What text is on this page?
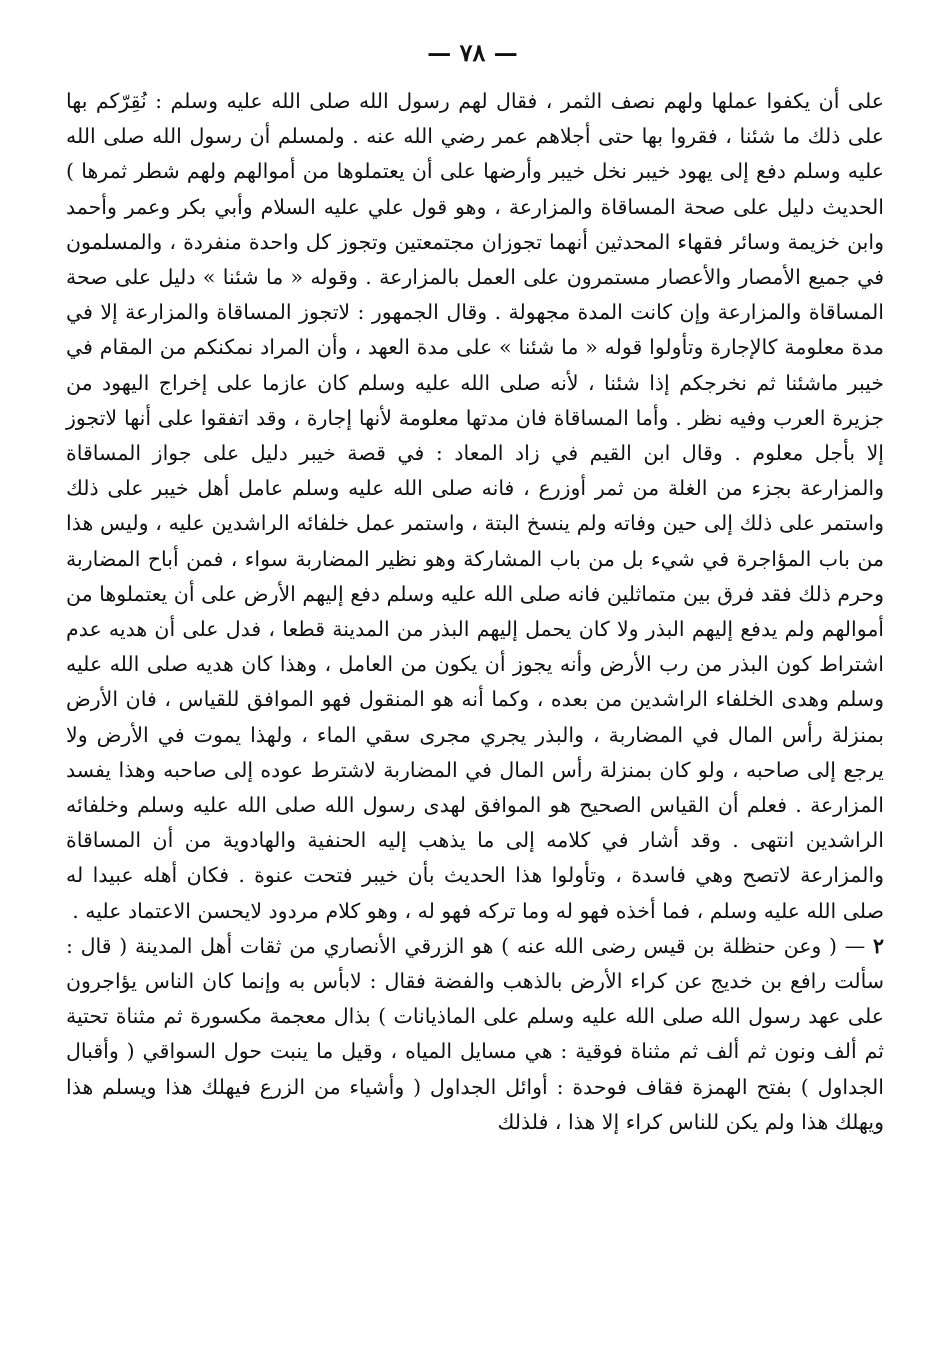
— ٧٨ —

على أن يكفوا عملها ولهم نصف الثمر ، فقال لهم رسول الله صلى الله عليه وسلم : نُقِرّكم بها على ذلك ما شئنا ، فقروا بها حتى أجلاهم عمر رضي الله عنه . ولمسلم أن رسول الله صلى الله عليه وسلم دفع إلى يهود خيبر نخل خيبر وأرضها على أن يعتملوها من أموالهم ولهم شطر ثمرها ) الحديث دليل على صحة المساقاة والمزارعة ، وهو قول علي عليه السلام وأبي بكر وعمر وأحمد وابن خزيمة وسائر فقهاء المحدثين أنهما تجوزان مجتمعتين وتجوز كل واحدة منفردة ، والمسلمون في جميع الأمصار والأعصار مستمرون على العمل بالمزارعة . وقوله « ما شئنا » دليل على صحة المساقاة والمزارعة وإن كانت المدة مجهولة . وقال الجمهور : لاتجوز المساقاة والمزارعة إلا في مدة معلومة كالإجارة وتأولوا قوله « ما شئنا » على مدة العهد ، وأن المراد نمكنكم من المقام في خيبر ماشئنا ثم نخرجكم إذا شئنا ، لأنه صلى الله عليه وسلم كان عازما على إخراج اليهود من جزيرة العرب وفيه نظر . وأما المساقاة فان مدتها معلومة لأنها إجارة ، وقد اتفقوا على أنها لاتجوز إلا بأجل معلوم . وقال ابن القيم في زاد المعاد : في قصة خيبر دليل على جواز المساقاة والمزارعة بجزء من الغلة من ثمر أوزرع ، فانه صلى الله عليه وسلم عامل أهل خيبر على ذلك واستمر على ذلك إلى حين وفاته ولم ينسخ البتة ، واستمر عمل خلفائه الراشدين عليه ، وليس هذا من باب المؤاجرة في شيء بل من باب المشاركة وهو نظير المضاربة سواء ، فمن أباح المضاربة وحرم ذلك فقد فرق بين متماثلين فانه صلى الله عليه وسلم دفع إليهم الأرض على أن يعتملوها من أموالهم ولم يدفع إليهم البذر ولا كان يحمل إليهم البذر من المدينة قطعا ، فدل على أن هديه عدم اشتراط كون البذر من رب الأرض وأنه يجوز أن يكون من العامل ، وهذا كان هديه صلى الله عليه وسلم وهدى الخلفاء الراشدين من بعده ، وكما أنه هو المنقول فهو الموافق للقياس ، فان الأرض بمنزلة رأس المال في المضاربة ، والبذر يجري مجرى سقي الماء ، ولهذا يموت في الأرض ولا يرجع إلى صاحبه ، ولو كان بمنزلة رأس المال في المضاربة لاشترط عوده إلى صاحبه وهذا يفسد المزارعة . فعلم أن القياس الصحيح هو الموافق لهدى رسول الله صلى الله عليه وسلم وخلفائه الراشدين انتهى . وقد أشار في كلامه إلى ما يذهب إليه الحنفية والهادوية من أن المساقاة والمزارعة لاتصح وهي فاسدة ، وتأولوا هذا الحديث بأن خيبر فتحت عنوة . فكان أهله عبيدا له صلى الله عليه وسلم ، فما أخذه فهو له وما تركه فهو له ، وهو كلام مردود لايحسن الاعتماد عليه .

٢ — ( وعن حنظلة بن قيس رضى الله عنه ) هو الزرقي الأنصاري من ثقات أهل المدينة ( قال : سألت رافع بن خديج عن كراء الأرض بالذهب والفضة فقال : لابأس به وإنما كان الناس يؤاجرون على عهد رسول الله صلى الله عليه وسلم على الماذيانات ) بذال معجمة مكسورة ثم مثناة تحتية ثم ألف ونون ثم ألف ثم مثناة فوقية : هي مسايل المياه ، وقيل ما ينبت حول السواقي ( وأقبال الجداول ) بفتح الهمزة فقاف فوحدة : أوائل الجداول ( وأشياء من الزرع فيهلك هذا ويسلم هذا ويهلك هذا ولم يكن للناس كراء إلا هذا ، فلذلك
